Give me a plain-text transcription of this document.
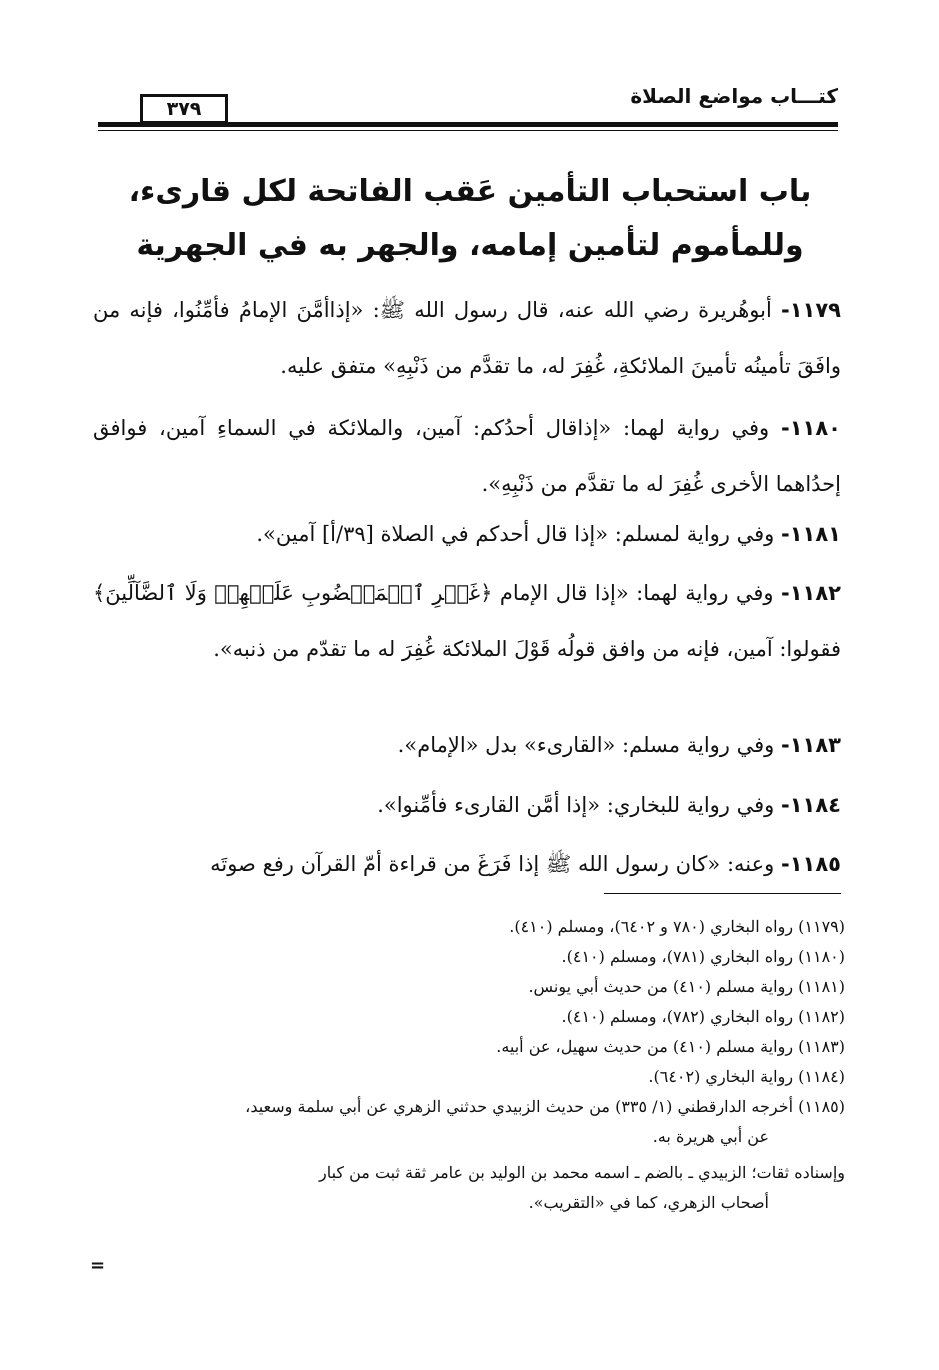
كتـــاب مواضع الصلاة
٣٧٩
باب استحباب التأمين عَقب الفاتحة لكل قارىء،
وللمأموم لتأمين إمامه، والجهر به في الجهرية
١١٧٩- أبوهُريرة رضي الله عنه، قال رسول الله ﷺ: «إذاأمَّنَ الإمامُ فأمِّنُوا، فإنه من وافَقَ تأمينُه تأمينَ الملائكةِ، غُفِرَ له، ما تقدَّم من ذَنْبِهِ» متفق عليه.
١١٨٠- وفي رواية لهما: «إذاقال أحدُكم: آمين، والملائكة في السماءِ آمين، فوافق إحدُاهما الأخرى غُفِرَ له ما تقدَّم من ذَنْبِهِ».
١١٨١- وفي رواية لمسلم: «إذا قال أحدكم في الصلاة [٣٩/أ] آمين».
١١٨٢- وفي رواية لهما: «إذا قال الإمام ﴿غَيۡرِ ٱلۡمَغۡضُوبِ عَلَيۡهِمۡ وَلَا ٱلضَّآلِّينَ﴾ فقولوا: آمين، فإنه من وافق قولُه قَوْلَ الملائكة غُفِرَ له ما تقدّم من ذنبه».
١١٨٣- وفي رواية مسلم: «القارىء» بدل «الإمام».
١١٨٤- وفي رواية للبخاري: «إذا أمَّن القارىء فأمِّنوا».
١١٨٥- وعنه: «كان رسول الله ﷺ إذا فَرَغَ من قراءة أمّ القرآن رفع صوتَه

(١١٧٩) رواه البخاري (٧٨٠ و ٦٤٠٢)، ومسلم (٤١٠).

(١١٨٠) رواه البخاري (٧٨١)، ومسلم (٤١٠).

(١١٨١) رواية مسلم (٤١٠) من حديث أبي يونس.

(١١٨٢) رواه البخاري (٧٨٢)، ومسلم (٤١٠).

(١١٨٣) رواية مسلم (٤١٠) من حديث سهيل، عن أبيه.

(١١٨٤) رواية البخاري (٦٤٠٢).

(١١٨٥) أخرجه الدارقطني (١/ ٣٣٥) من حديث الزبيدي حدثني الزهري عن أبي سلمة وسعيد،

عن أبي هريرة به.

وإسناده ثقات؛ الزبيدي ـ بالضم ـ اسمه محمد بن الوليد بن عامر ثقة ثبت من كبار

أصحاب الزهري، كما في «التقريب».

=
